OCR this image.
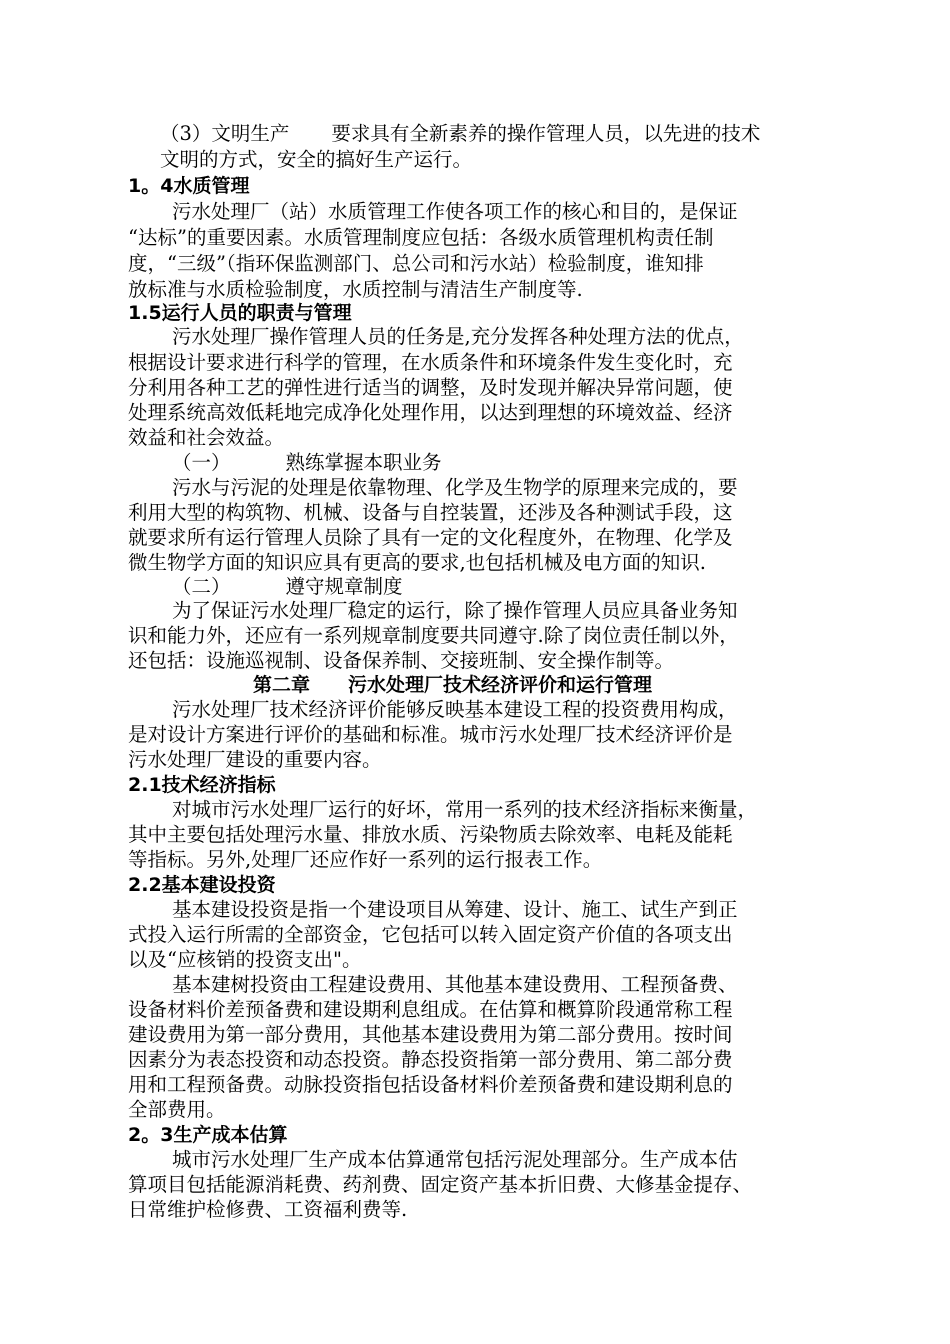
（3）文明生产 要求具有全新素养的操作管理人员，以先进的技术
文明的方式，安全的搞好生产运行。
1。4水质管理
污水处理厂（站）水质管理工作使各项工作的核心和目的，是保证
“达标”的重要因素。水质管理制度应包括：各级水质管理机构责任制
度，“三级”（指环保监测部门、总公司和污水站）检验制度，谁知排
放标准与水质检验制度，水质控制与清洁生产制度等.
1.5运行人员的职责与管理
污水处理厂操作管理人员的任务是,充分发挥各种处理方法的优点，
根据设计要求进行科学的管理，在水质条件和环境条件发生变化时，充
分利用各种工艺的弹性进行适当的调整，及时发现并解决异常问题，使
处理系统高效低耗地完成净化处理作用，以达到理想的环境效益、经济
效益和社会效益。
（一）	熟练掌握本职业务
污水与污泥的处理是依靠物理、化学及生物学的原理来完成的，要
利用大型的构筑物、机械、设备与自控装置，还涉及各种测试手段，这
就要求所有运行管理人员除了具有一定的文化程度外，在物理、化学及
微生物学方面的知识应具有更高的要求,也包括机械及电方面的知识.
（二）	遵守规章制度
为了保证污水处理厂稳定的运行，除了操作管理人员应具备业务知
识和能力外，还应有一系列规章制度要共同遵守.除了岗位责任制以外，
还包括：设施巡视制、设备保养制、交接班制、安全操作制等。
第二章 污水处理厂技术经济评价和运行管理
污水处理厂技术经济评价能够反映基本建设工程的投资费用构成，
是对设计方案进行评价的基础和标准。城市污水处理厂技术经济评价是
污水处理厂建设的重要内容。
2.1技术经济指标
对城市污水处理厂运行的好坏，常用一系列的技术经济指标来衡量，
其中主要包括处理污水量、排放水质、污染物质去除效率、电耗及能耗
等指标。另外,处理厂还应作好一系列的运行报表工作。
2.2基本建设投资
基本建设投资是指一个建设项目从筹建、设计、施工、试生产到正
式投入运行所需的全部资金，它包括可以转入固定资产价值的各项支出
以及“应核销的投资支出"。
基本建树投资由工程建设费用、其他基本建设费用、工程预备费、
设备材料价差预备费和建设期利息组成。在估算和概算阶段通常称工程
建设费用为第一部分费用，其他基本建设费用为第二部分费用。按时间
因素分为表态投资和动态投资。静态投资指第一部分费用、第二部分费
用和工程预备费。动脉投资指包括设备材料价差预备费和建设期利息的
全部费用。
2。3生产成本估算
城市污水处理厂生产成本估算通常包括污泥处理部分。生产成本估
算项目包括能源消耗费、药剂费、固定资产基本折旧费、大修基金提存、
日常维护检修费、工资福利费等.
